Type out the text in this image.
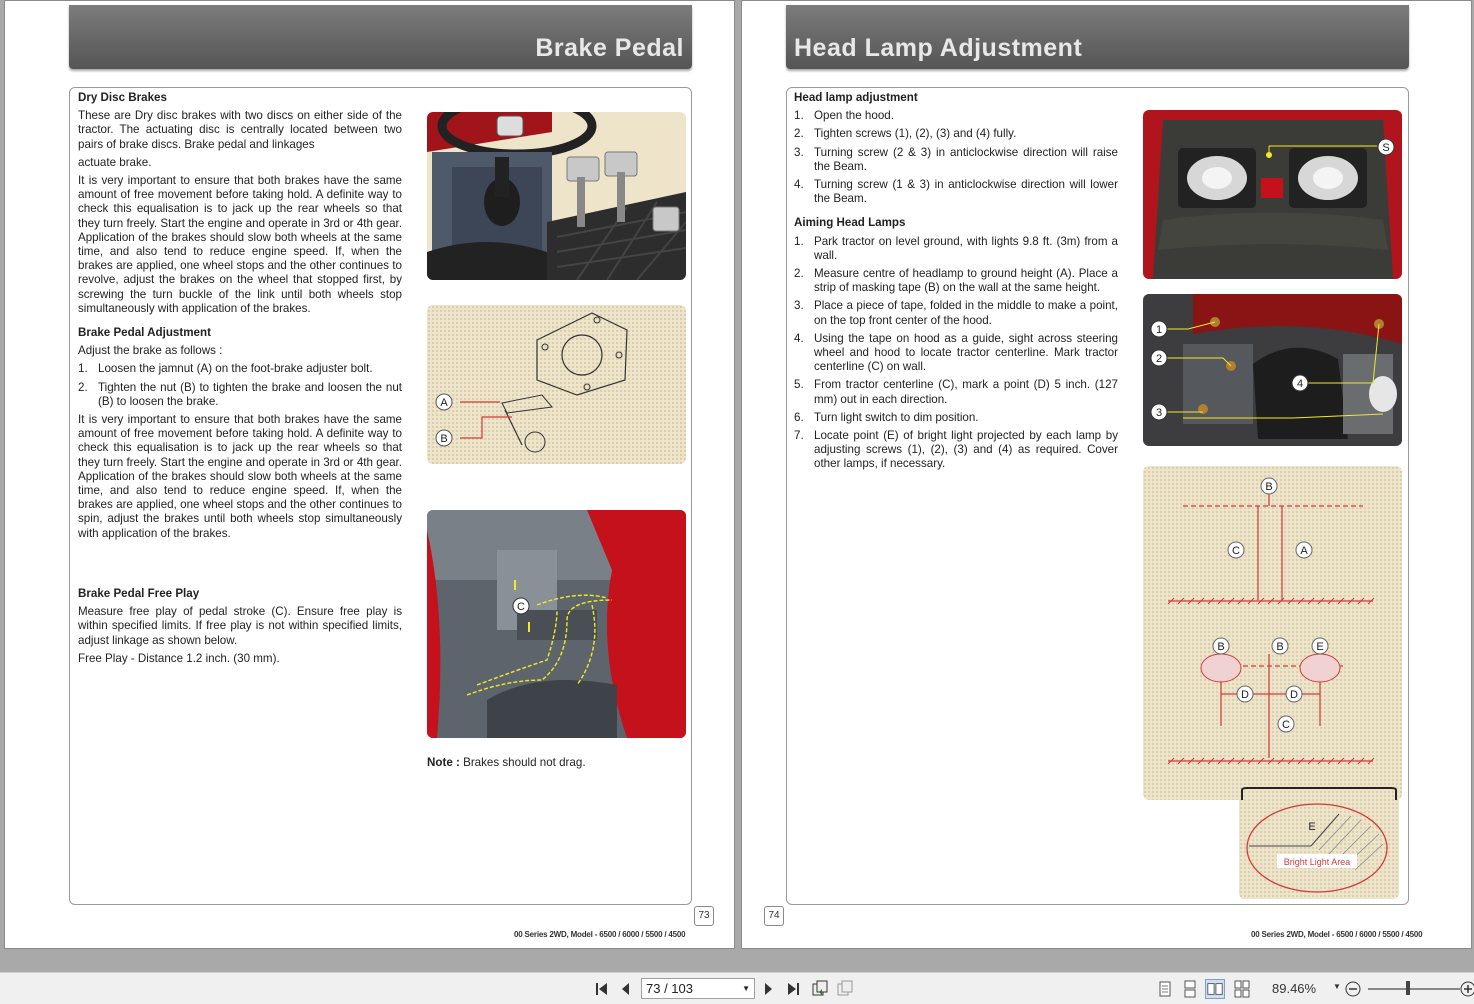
Brake Pedal
Dry Disc Brakes

These are Dry disc brakes with two discs on either side of the tractor. The actuating disc is centrally located between two pairs of brake discs. Brake pedal and linkages

actuate brake.

It is very important to ensure that both brakes have the same amount of free movement before taking hold. A definite way to check this equalisation is to jack up the rear wheels so that they turn freely. Start the engine and operate in 3rd or 4th gear. Application of the brakes should slow both wheels at the same time, and also tend to reduce engine speed. If, when the brakes are applied, one wheel stops and the other continues to revolve, adjust the brakes on the wheel that stopped first, by screwing the turn buckle of the link until both wheels stop simultaneously with application of the brakes.

Brake Pedal Adjustment

Adjust the brake as follows :

1. Loosen the jamnut (A) on the foot-brake adjuster bolt.
2. Tighten the nut (B) to tighten the brake and loosen the nut (B) to loosen the brake.

It is very important to ensure that both brakes have the same amount of free movement before taking hold. A definite way to check this equalisation is to jack up the rear wheels so that they turn freely. Start the engine and operate in 3rd or 4th gear. Application of the brakes should slow both wheels at the same time, and also tend to reduce engine speed. If, when the brakes are applied, one wheel stops and the other continues to spin, adjust the brakes until both wheels stop simultaneously with application of the brakes.

Brake Pedal Free Play

Measure free play of pedal stroke (C). Ensure free play is within specified limits. If free play is not within specified limits, adjust linkage as shown below.

Free Play - Distance 1.2 inch. (30 mm).

A
B
C
Note : Brakes should not drag.
73
00 Series 2WD, Model - 6500 / 6000 / 5500 / 4500
Head Lamp Adjustment
Head lamp adjustment
1. Open the hood.
2. Tighten screws (1), (2), (3) and (4) fully.
3. Turning screw (2 & 3) in anticlockwise direction will raise the Beam.
4. Turning screw (1 & 3) in anticlockwise direction will lower the Beam.
Aiming Head Lamps
1. Park tractor on level ground, with lights 9.8 ft. (3m) from a wall.
2. Measure centre of headlamp to ground height (A). Place a strip of masking tape (B) on the wall at the same height.
3. Place a piece of tape, folded in the middle to make a point, on the top front center of the hood.
4. Using the tape on hood as a guide, sight across steering wheel and hood to locate tractor centerline. Mark tractor centerline (C) on wall.
5. From tractor centerline (C), mark a point (D) 5 inch. (127 mm) out in each direction.
6. Turn light switch to dim position.
7. Locate point (E) of bright light projected by each lamp by adjusting screws (1), (2), (3) and (4) as required. Cover other lamps, if necessary.
S
1
2
3
4
B
C	A
B	B	E
D	D
C
E
Bright Light Area
74
00 Series 2WD, Model - 6500 / 6000 / 5500 / 4500
73 / 103	▼	89.46% ▼
